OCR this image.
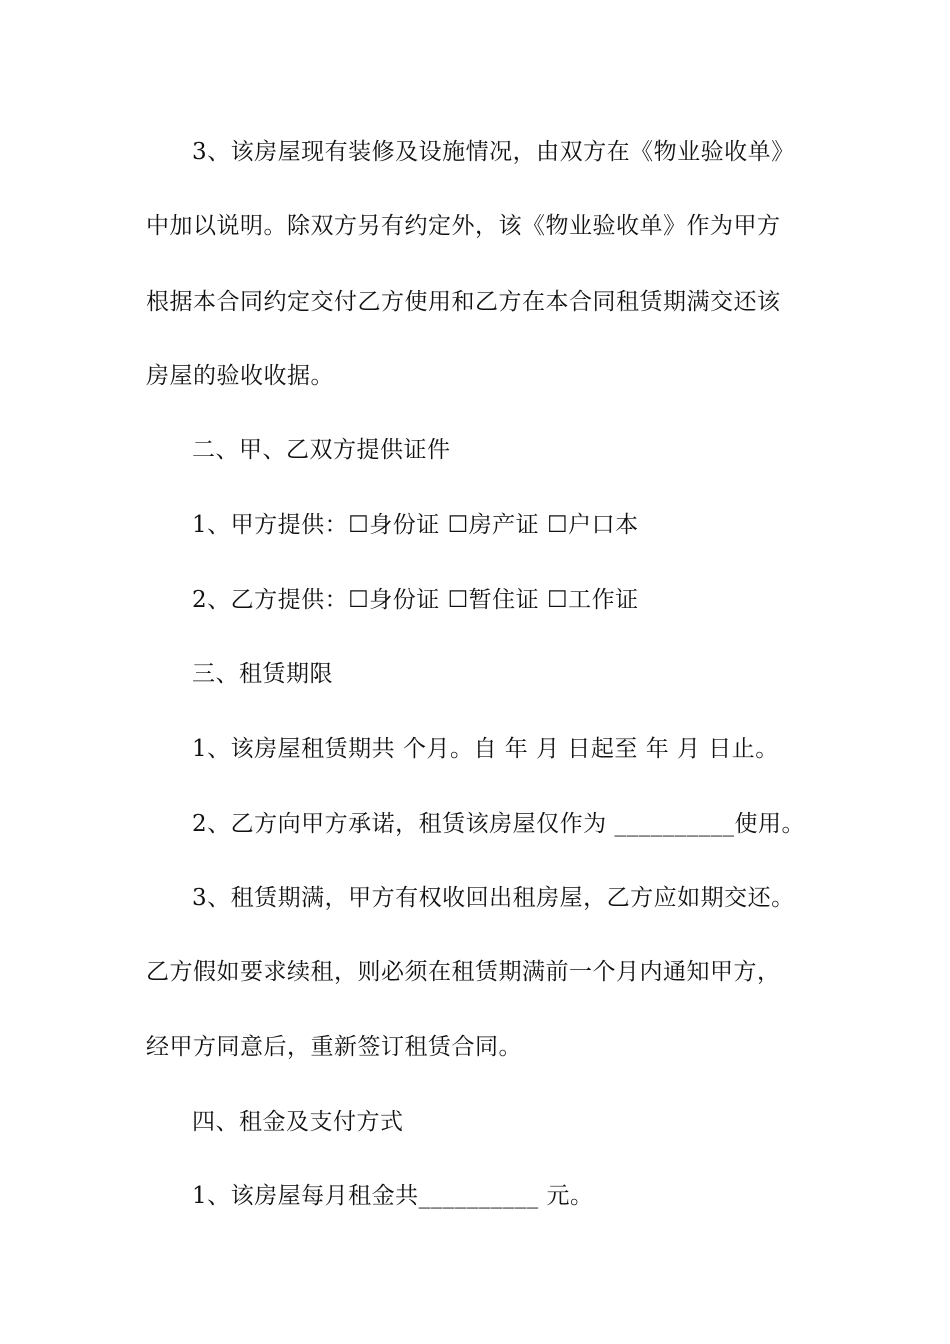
3、该房屋现有装修及设施情况，由双方在《物业验收单》
中加以说明。除双方另有约定外，该《物业验收单》作为甲方
根据本合同约定交付乙方使用和乙方在本合同租赁期满交还该
房屋的验收收据。
二、甲、乙双方提供证件
1、甲方提供：☐身份证 ☐房产证 ☐户口本
2、乙方提供：☐身份证 ☐暂住证 ☐工作证
三、租赁期限
1、该房屋租赁期共 个月。自 年 月 日起至 年 月 日止。
2、乙方向甲方承诺，租赁该房屋仅作为 __________使用。
3、租赁期满，甲方有权收回出租房屋，乙方应如期交还。
乙方假如要求续租，则必须在租赁期满前一个月内通知甲方，
经甲方同意后，重新签订租赁合同。
四、租金及支付方式
1、该房屋每月租金共__________ 元。
